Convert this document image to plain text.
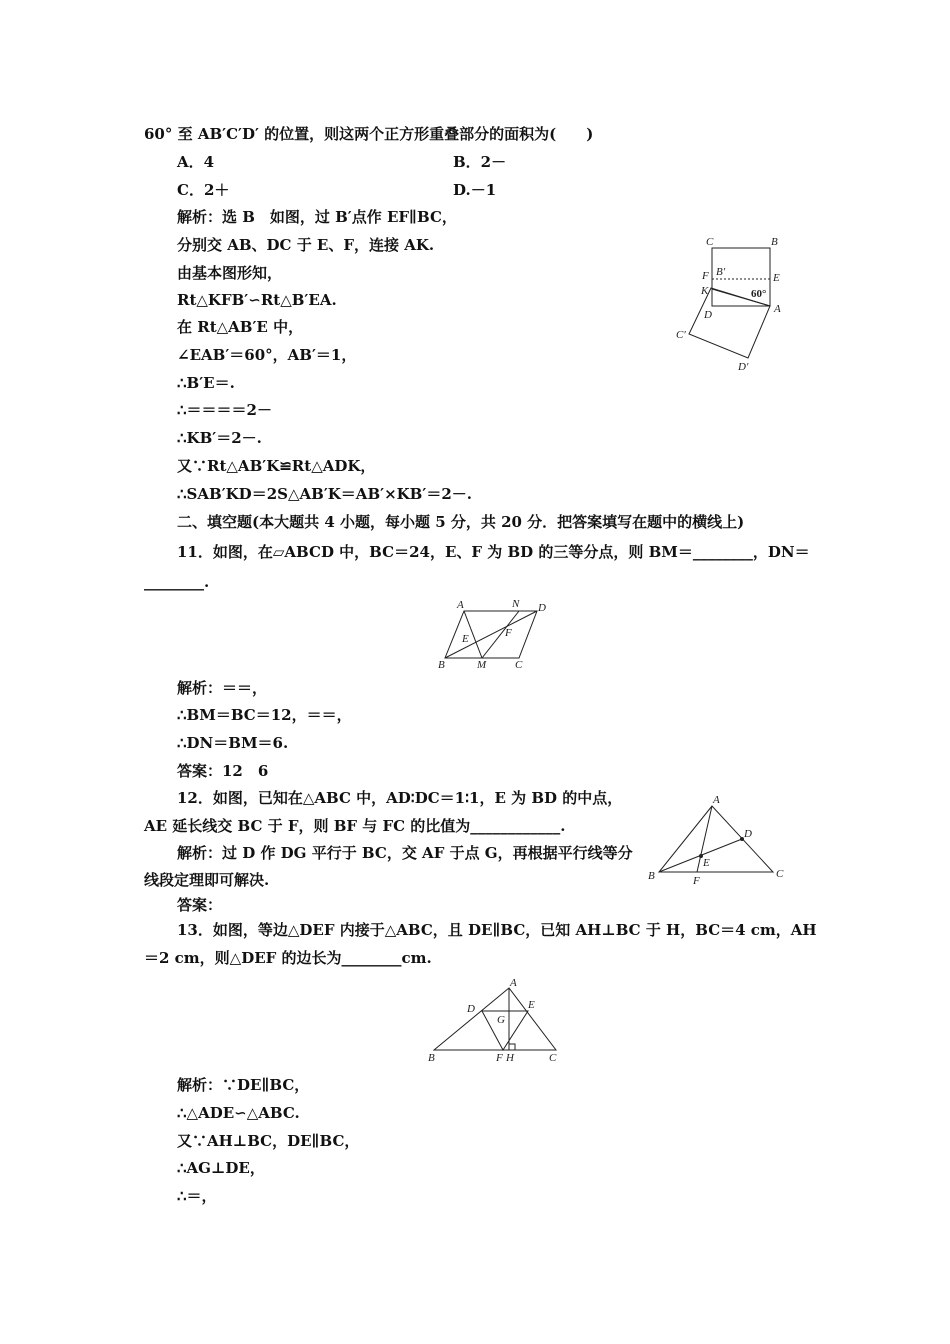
60° 至 AB′C′D′ 的位置，则这两个正方形重叠部分的面积为(　　)
A．4	B．2－
C．2＋	D.－1
解析：选 B　如图，过 B′点作 EF∥BC，
分别交 AB、DC 于 E、F，连接 AK.
由基本图形知，
Rt△KFB′∽Rt△B′EA.
在 Rt△AB′E 中，
∠EAB′＝60°，AB′＝1，
∴B′E＝.
∴＝＝＝＝2－
∴KB′＝2－.
又∵Rt△AB′K≌Rt△ADK，
∴SAB′KD＝2S△AB′K＝AB′×KB′＝2－.
C	B
F B′	E
K	60°
A
D
C′
D′
二、填空题(本大题共 4 小题，每小题 5 分，共 20 分．把答案填写在题中的横线上)
11．如图，在▱ABCD 中，BC＝24，E、F 为 BD 的三等分点，则 BM＝________，DN＝
________.
A	N D
E	F
B	M	C
解析：＝＝，
∴BM＝BC＝12，＝＝，
∴DN＝BM＝6.
答案：12　6
12．如图，已知在△ABC 中，AD∶DC＝1∶1，E 为 BD 的中点，
AE 延长线交 BC 于 F，则 BF 与 FC 的比值为____________.
解析：过 D 作 DG 平行于 BC，交 AF 于点 G，再根据平行线等分
线段定理即可解决.
答案：
A
D
E
B	F
C
13．如图，等边△DEF 内接于△ABC，且 DE∥BC，已知 AH⊥BC 于 H，BC＝4 cm，AH
＝2 cm，则△DEF 的边长为________cm.
A
D	E
G
B	F H	C
解析：∵DE∥BC，
∴△ADE∽△ABC.
又∵AH⊥BC，DE∥BC，
∴AG⊥DE，
∴＝，
